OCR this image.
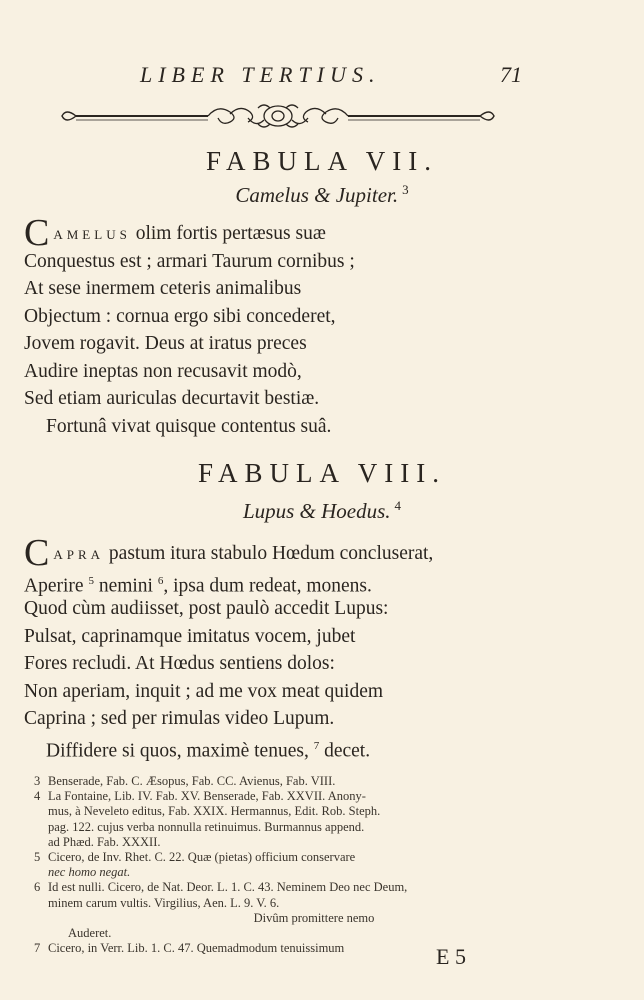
LIBER TERTIUS.	71
FABULA VII.
Camelus & Jupiter. $^3$
CAMELUS olim fortis pertæsus suæ
Conquestus est ; armari Taurum cornibus ;
At sese inermem ceteris animalibus
Objectum : cornua ergo sibi concederet,
Jovem rogavit. Deus at iratus preces
Audire ineptas non recusavit modò,
Sed etiam auriculas decurtavit bestiæ.
Fortunâ vivat quisque contentus suâ.
FABULA VIII.
Lupus & Hoedus. $^4$
CAPRA pastum itura stabulo Hœdum concluserat,
Aperire $^5$ nemini $^6$, ipsa dum redeat, monens.
Quod cùm audiisset, post paulò accedit Lupus:
Pulsat, caprinamque imitatus vocem, jubet
Fores recludi. At Hœdus sentiens dolos:
Non aperiam, inquit ; ad me vox meat quidem
Caprina ; sed per rimulas video Lupum.
Diffidere si quos, maximè tenues, $^7$ decet.
3 Benserade, Fab. C. Æsopus, Fab. CC. Avienus, Fab. VIII.
4 La Fontaine, Lib. IV. Fab. XV. Benserade, Fab. XXVII. Anony-
mus, à Neveleto editus, Fab. XXIX. Hermannus, Edit. Rob. Steph.
pag. 122. cujus verba nonnulla retinuimus. Burmannus append.
ad Phæd. Fab. XXXII.
5 Cicero, de Inv. Rhet. C. 22. Quæ (pietas) officium conservare
nec homo negat.
6 Id est nulli. Cicero, de Nat. Deor. L. 1. C. 43. Neminem Deo nec Deum,
minem carum vultis. Virgilius, Aen. L. 9. V. 6.
Divûm promittere nemo
Auderet.
7 Cicero, in Verr. Lib. 1. C. 47. Quemadmodum tenuissimum	E 5
